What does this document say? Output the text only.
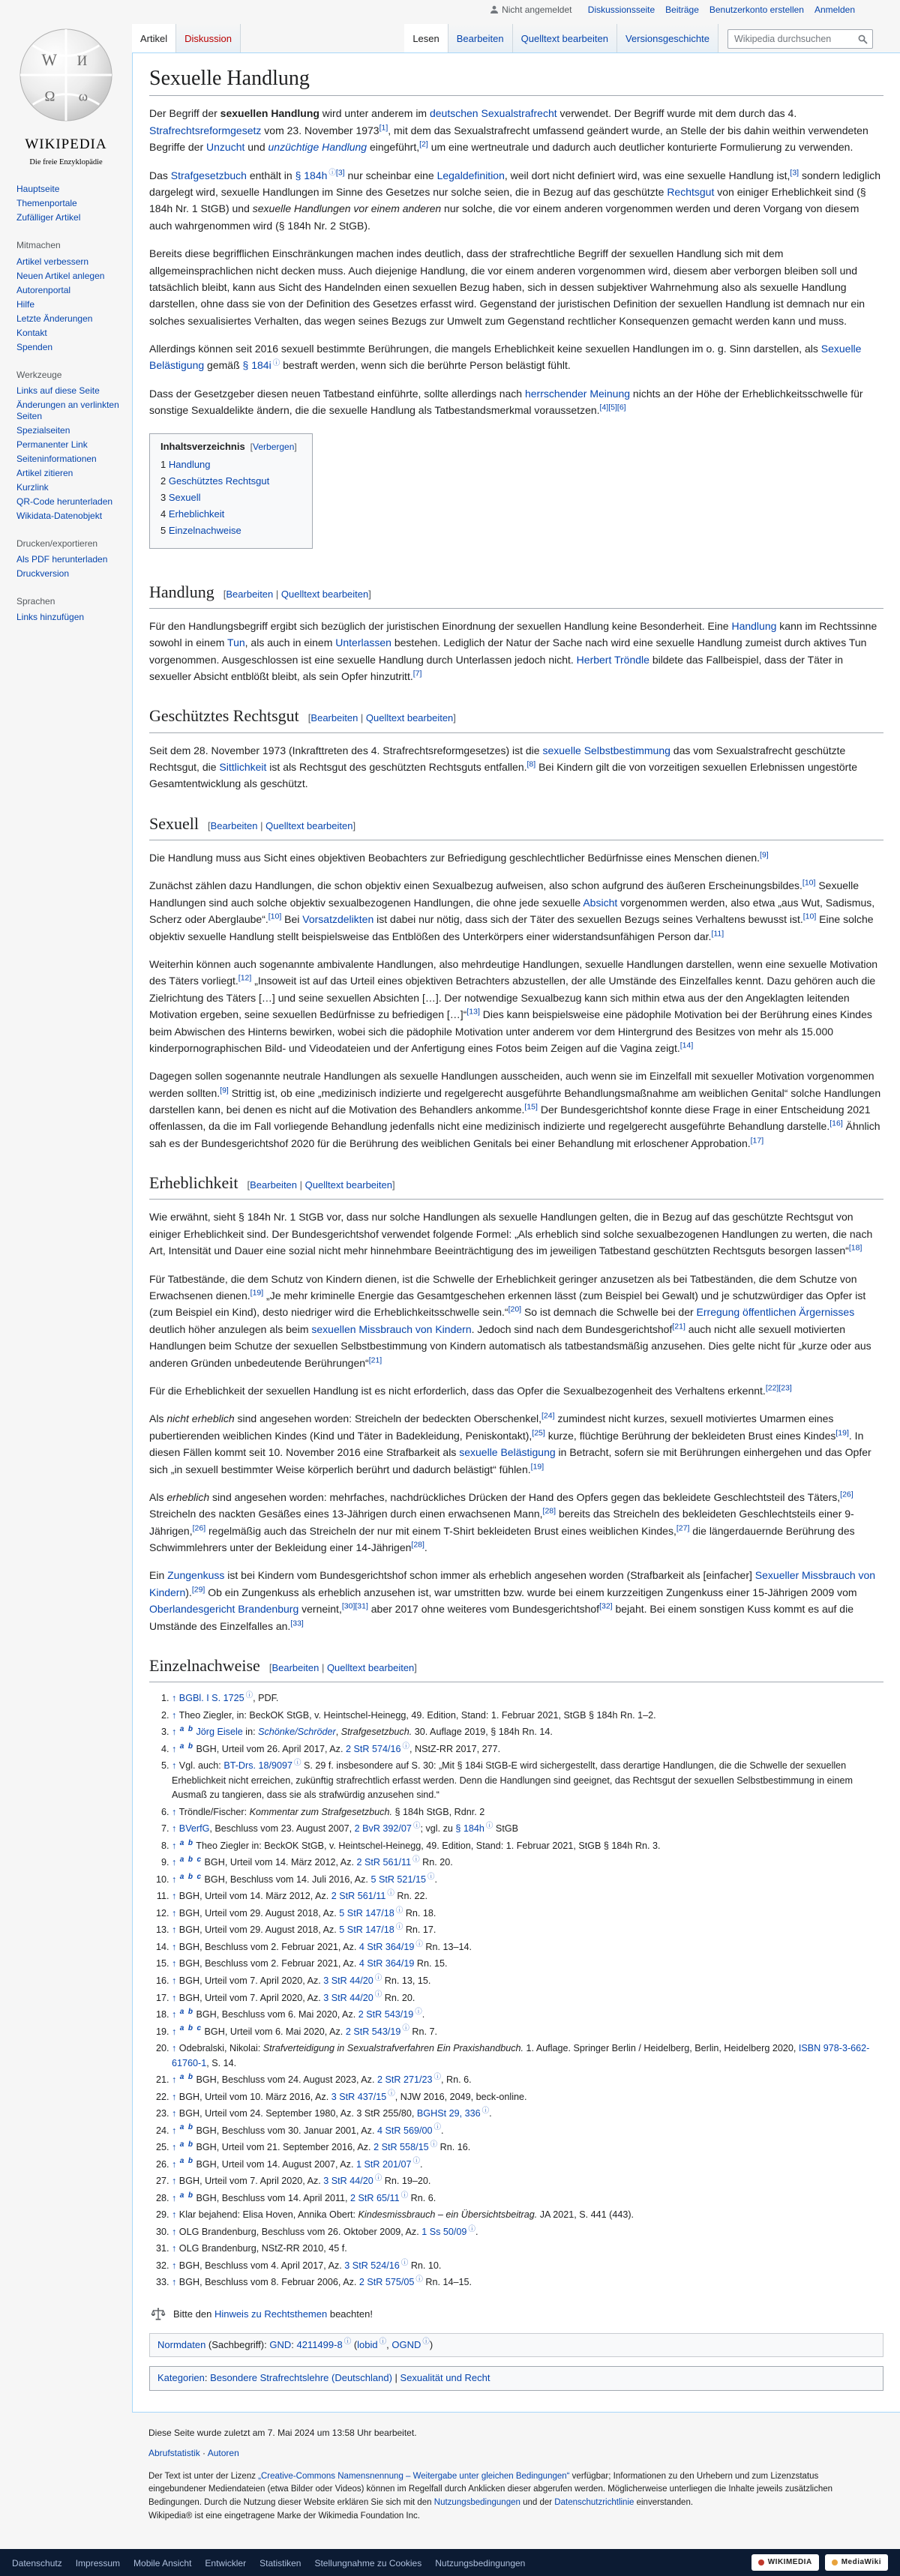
Nicht angemeldet Diskussionsseite Beiträge Benutzerkonto erstellen Anmelden
W И
Ω ω
WIKIPEDIA
Die freie Enzyklopädie
Hauptseite
Themenportale
Zufälliger Artikel
Mitmachen
Artikel verbessern
Neuen Artikel anlegen
Autorenportal
Hilfe
Letzte Änderungen
Kontakt
Spenden
Werkzeuge
Links auf diese Seite
Änderungen an verlinkten Seiten
Spezialseiten
Permanenter Link
Seiteninformationen
Artikel zitieren
Kurzlink
QR-Code herunterladen
Wikidata-Datenobjekt
Drucken/exportieren
Als PDF herunterladen
Druckversion
Sprachen
Links hinzufügen
Artikel	Diskussion	Lesen	Bearbeiten	Quelltext bearbeiten	Versionsgeschichte
Wikipedia durchsuchen
Sexuelle Handlung

Der Begriff der sexuellen Handlung wird unter anderem im deutschen Sexualstrafrecht verwendet. Der Begriff wurde mit dem durch das 4. Strafrechtsreformgesetz vom 23. November 1973[1], mit dem das Sexualstrafrecht umfassend geändert wurde, an Stelle der bis dahin weithin verwendeten Begriffe der Unzucht und unzüchtige Handlung eingeführt,[2] um eine wertneutrale und dadurch auch deutlicher konturierte Formulierung zu verwenden.

Das Strafgesetzbuch enthält in § 184h $^{ⓘ[3]}$ nur scheinbar eine Legaldefinition, weil dort nicht definiert wird, was eine sexuelle Handlung ist,[3] sondern lediglich dargelegt wird, sexuelle Handlungen im Sinne des Gesetzes nur solche seien, die in Bezug auf das geschützte Rechtsgut von einiger Erheblichkeit sind (§ 184h Nr. 1 StGB) und sexuelle Handlungen vor einem anderen nur solche, die vor einem anderen vorgenommen werden und deren Vorgang von diesem auch wahrgenommen wird (§ 184h Nr. 2 StGB).

Bereits diese begrifflichen Einschränkungen machen indes deutlich, dass der strafrechtliche Begriff der sexuellen Handlung sich mit dem allgemeinsprachlichen nicht decken muss. Auch diejenige Handlung, die vor einem anderen vorgenommen wird, diesem aber verborgen bleiben soll und tatsächlich bleibt, kann aus Sicht des Handelnden einen sexuellen Bezug haben, sich in dessen subjektiver Wahrnehmung also als sexuelle Handlung darstellen, ohne dass sie von der Definition des Gesetzes erfasst wird. Gegenstand der juristischen Definition der sexuellen Handlung ist demnach nur ein solches sexualisiertes Verhalten, das wegen seines Bezugs zur Umwelt zum Gegenstand rechtlicher Konsequenzen gemacht werden kann und muss.

Allerdings können seit 2016 sexuell bestimmte Berührungen, die mangels Erheblichkeit keine sexuellen Handlungen im o. g. Sinn darstellen, als Sexuelle Belästigung gemäß § 184i ⓘ bestraft werden, wenn sich die berührte Person belästigt fühlt.

Dass der Gesetzgeber diesen neuen Tatbestand einführte, sollte allerdings nach herrschender Meinung nichts an der Höhe der Erheblichkeitsschwelle für sonstige Sexualdelikte ändern, die die sexuelle Handlung als Tatbestandsmerkmal voraussetzen.[4][5][6]

Inhaltsverzeichnis  [Verbergen]
1 Handlung
2 Geschütztes Rechtsgut
3 Sexuell
4 Erheblichkeit
5 Einzelnachweise
Handlung [Bearbeiten | Quelltext bearbeiten]

Für den Handlungsbegriff ergibt sich bezüglich der juristischen Einordnung der sexuellen Handlung keine Besonderheit. Eine Handlung kann im Rechtssinne sowohl in einem Tun, als auch in einem Unterlassen bestehen. Lediglich der Natur der Sache nach wird eine sexuelle Handlung zumeist durch aktives Tun vorgenommen. Ausgeschlossen ist eine sexuelle Handlung durch Unterlassen jedoch nicht. Herbert Tröndle bildete das Fallbeispiel, dass der Täter in sexueller Absicht entblößt bleibt, als sein Opfer hinzutritt.[7]

Geschütztes Rechtsgut [Bearbeiten | Quelltext bearbeiten]

Seit dem 28. November 1973 (Inkrafttreten des 4. Strafrechtsreformgesetzes) ist die sexuelle Selbstbestimmung das vom Sexualstrafrecht geschützte Rechtsgut, die Sittlichkeit ist als Rechtsgut des geschützten Rechtsguts entfallen.[8] Bei Kindern gilt die von vorzeitigen sexuellen Erlebnissen ungestörte Gesamtentwicklung als geschützt.

Sexuell [Bearbeiten | Quelltext bearbeiten]

Die Handlung muss aus Sicht eines objektiven Beobachters zur Befriedigung geschlechtlicher Bedürfnisse eines Menschen dienen.[9]

Zunächst zählen dazu Handlungen, die schon objektiv einen Sexualbezug aufweisen, also schon aufgrund des äußeren Erscheinungsbildes.[10] Sexuelle Handlungen sind auch solche objektiv sexualbezogenen Handlungen, die ohne jede sexuelle Absicht vorgenommen werden, also etwa „aus Wut, Sadismus, Scherz oder Aberglaube“.[10] Bei Vorsatzdelikten ist dabei nur nötig, dass sich der Täter des sexuellen Bezugs seines Verhaltens bewusst ist.[10] Eine solche objektiv sexuelle Handlung stellt beispielsweise das Entblößen des Unterkörpers einer widerstandsunfähigen Person dar.[11]

Weiterhin können auch sogenannte ambivalente Handlungen, also mehrdeutige Handlungen, sexuelle Handlungen darstellen, wenn eine sexuelle Motivation des Täters vorliegt.[12] „Insoweit ist auf das Urteil eines objektiven Betrachters abzustellen, der alle Umstände des Einzelfalles kennt. Dazu gehören auch die Zielrichtung des Täters […] und seine sexuellen Absichten […]. Der notwendige Sexualbezug kann sich mithin etwa aus der den Angeklagten leitenden Motivation ergeben, seine sexuellen Bedürfnisse zu befriedigen […]“[13] Dies kann beispielsweise eine pädophile Motivation bei der Berührung eines Kindes beim Abwischen des Hinterns bewirken, wobei sich die pädophile Motivation unter anderem vor dem Hintergrund des Besitzes von mehr als 15.000 kinderpornographischen Bild- und Videodateien und der Anfertigung eines Fotos beim Zeigen auf die Vagina zeigt.[14]

Dagegen sollen sogenannte neutrale Handlungen als sexuelle Handlungen ausscheiden, auch wenn sie im Einzelfall mit sexueller Motivation vorgenommen werden sollten.[9] Strittig ist, ob eine „medizinisch indizierte und regelgerecht ausgeführte Behandlungsmaßnahme am weiblichen Genital“ solche Handlungen darstellen kann, bei denen es nicht auf die Motivation des Behandlers ankomme.[15] Der Bundesgerichtshof konnte diese Frage in einer Entscheidung 2021 offenlassen, da die im Fall vorliegende Behandlung jedenfalls nicht eine medizinisch indizierte und regelgerecht ausgeführte Behandlung darstelle.[16] Ähnlich sah es der Bundesgerichtshof 2020 für die Berührung des weiblichen Genitals bei einer Behandlung mit erloschener Approbation.[17]

Erheblichkeit [Bearbeiten | Quelltext bearbeiten]

Wie erwähnt, sieht § 184h Nr. 1 StGB vor, dass nur solche Handlungen als sexuelle Handlungen gelten, die in Bezug auf das geschützte Rechtsgut von einiger Erheblichkeit sind. Der Bundesgerichtshof verwendet folgende Formel: „Als erheblich sind solche sexualbezogenen Handlungen zu werten, die nach Art, Intensität und Dauer eine sozial nicht mehr hinnehmbare Beeinträchtigung des im jeweiligen Tatbestand geschützten Rechtsguts besorgen lassen“[18]

Für Tatbestände, die dem Schutz von Kindern dienen, ist die Schwelle der Erheblichkeit geringer anzusetzen als bei Tatbeständen, die dem Schutze von Erwachsenen dienen.[19] „Je mehr kriminelle Energie das Gesamtgeschehen erkennen lässt (zum Beispiel bei Gewalt) und je schutzwürdiger das Opfer ist (zum Beispiel ein Kind), desto niedriger wird die Erheblichkeitsschwelle sein.“[20] So ist demnach die Schwelle bei der Erregung öffentlichen Ärgernisses deutlich höher anzulegen als beim sexuellen Missbrauch von Kindern. Jedoch sind nach dem Bundesgerichtshof[21] auch nicht alle sexuell motivierten Handlungen beim Schutze der sexuellen Selbstbestimmung von Kindern automatisch als tatbestandsmäßig anzusehen. Dies gelte nicht für „kurze oder aus anderen Gründen unbedeutende Berührungen“[21]

Für die Erheblichkeit der sexuellen Handlung ist es nicht erforderlich, dass das Opfer die Sexualbezogenheit des Verhaltens erkennt.[22][23]

Als nicht erheblich sind angesehen worden: Streicheln der bedeckten Oberschenkel,[24] zumindest nicht kurzes, sexuell motiviertes Umarmen eines pubertierenden weiblichen Kindes (Kind und Täter in Badekleidung, Peniskontakt),[25] kurze, flüchtige Berührung der bekleideten Brust eines Kindes[19]. In diesen Fällen kommt seit 10. November 2016 eine Strafbarkeit als sexuelle Belästigung in Betracht, sofern sie mit Berührungen einhergehen und das Opfer sich „in sexuell bestimmter Weise körperlich berührt und dadurch belästigt“ fühlen.[19]

Als erheblich sind angesehen worden: mehrfaches, nachdrückliches Drücken der Hand des Opfers gegen das bekleidete Geschlechtsteil des Täters,[26] Streicheln des nackten Gesäßes eines 13-Jährigen durch einen erwachsenen Mann,[28] bereits das Streicheln des bekleideten Geschlechtsteils einer 9-Jährigen,[26] regelmäßig auch das Streicheln der nur mit einem T-Shirt bekleideten Brust eines weiblichen Kindes,[27] die längerdauernde Berührung des Schwimmlehrers unter der Bekleidung einer 14-Jährigen[28].

Ein Zungenkuss ist bei Kindern vom Bundesgerichtshof schon immer als erheblich angesehen worden (Strafbarkeit als [einfacher] Sexueller Missbrauch von Kindern).[29] Ob ein Zungenkuss als erheblich anzusehen ist, war umstritten bzw. wurde bei einem kurzzeitigen Zungenkuss einer 15-Jährigen 2009 vom Oberlandesgericht Brandenburg verneint,[30][31] aber 2017 ohne weiteres vom Bundesgerichtshof[32] bejaht. Bei einem sonstigen Kuss kommt es auf die Umstände des Einzelfalles an.[33]

Einzelnachweise [Bearbeiten | Quelltext bearbeiten]
1. ↑ BGBl. I S. 1725 ⓘ, PDF.
2. ↑ Theo Ziegler, in: BeckOK StGB, v. Heintschel-Heinegg, 49. Edition, Stand: 1. Februar 2021, StGB § 184h Rn. 1–2.
3. ↑ $^a$ $^b$ Jörg Eisele in: Schönke/Schröder, Strafgesetzbuch. 30. Auflage 2019, § 184h Rn. 14.
4. ↑ $^a$ $^b$ BGH, Urteil vom 26. April 2017, Az. 2 StR 574/16 ⓘ, NStZ-RR 2017, 277.
5. ↑ Vgl. auch: BT-Drs. 18/9097 ⓘ S. 29 f. insbesondere auf S. 30: „Mit § 184i StGB-E wird sichergestellt, dass derartige Handlungen, die die Schwelle der sexuellen Erheblichkeit nicht erreichen, zukünftig strafrechtlich erfasst werden. Denn die Handlungen sind geeignet, das Rechtsgut der sexuellen Selbstbestimmung in einem Ausmaß zu tangieren, dass sie als strafwürdig anzusehen sind.“
6. ↑ Tröndle/Fischer: Kommentar zum Strafgesetzbuch. § 184h StGB, Rdnr. 2
7. ↑ BVerfG, Beschluss vom 23. August 2007, 2 BvR 392/07 ⓘ; vgl. zu § 184h ⓘ StGB
8. ↑ $^a$ $^b$ Theo Ziegler in: BeckOK StGB, v. Heintschel-Heinegg, 49. Edition, Stand: 1. Februar 2021, StGB § 184h Rn. 3.
9. ↑ $^a$ $^b$ $^c$ BGH, Urteil vom 14. März 2012, Az. 2 StR 561/11 ⓘ Rn. 20.
10. ↑ $^a$ $^b$ $^c$ BGH, Beschluss vom 14. Juli 2016, Az. 5 StR 521/15 ⓘ.
11. ↑ BGH, Urteil vom 14. März 2012, Az. 2 StR 561/11 ⓘ Rn. 22.
12. ↑ BGH, Urteil vom 29. August 2018, Az. 5 StR 147/18 ⓘ Rn. 18.
13. ↑ BGH, Urteil vom 29. August 2018, Az. 5 StR 147/18 ⓘ Rn. 17.
14. ↑ BGH, Beschluss vom 2. Februar 2021, Az. 4 StR 364/19 ⓘ Rn. 13–14.
15. ↑ BGH, Beschluss vom 2. Februar 2021, Az. 4 StR 364/19 Rn. 15.
16. ↑ BGH, Urteil vom 7. April 2020, Az. 3 StR 44/20 ⓘ Rn. 13, 15.
17. ↑ BGH, Urteil vom 7. April 2020, Az. 3 StR 44/20 ⓘ Rn. 20.
18. ↑ $^a$ $^b$ BGH, Beschluss vom 6. Mai 2020, Az. 2 StR 543/19 ⓘ.
19. ↑ $^a$ $^b$ $^c$ BGH, Urteil vom 6. Mai 2020, Az. 2 StR 543/19 ⓘ Rn. 7.
20. ↑ Odebralski, Nikolai: Strafverteidigung in Sexualstrafverfahren Ein Praxishandbuch. 1. Auflage. Springer Berlin / Heidelberg, Berlin, Heidelberg 2020, ISBN 978-3-662-61760-1, S. 14.
21. ↑ $^a$ $^b$ BGH, Beschluss vom 24. August 2023, Az. 2 StR 271/23 ⓘ, Rn. 6.
22. ↑ BGH, Urteil vom 10. März 2016, Az. 3 StR 437/15 ⓘ, NJW 2016, 2049, beck-online.
23. ↑ BGH, Urteil vom 24. September 1980, Az. 3 StR 255/80, BGHSt 29, 336 ⓘ.
24. ↑ $^a$ $^b$ BGH, Beschluss vom 30. Januar 2001, Az. 4 StR 569/00 ⓘ.
25. ↑ $^a$ $^b$ BGH, Urteil vom 21. September 2016, Az. 2 StR 558/15 ⓘ Rn. 16.
26. ↑ $^a$ $^b$ BGH, Urteil vom 14. August 2007, Az. 1 StR 201/07 ⓘ.
27. ↑ BGH, Urteil vom 7. April 2020, Az. 3 StR 44/20 ⓘ Rn. 19–20.
28. ↑ $^a$ $^b$ BGH, Beschluss vom 14. April 2011, 2 StR 65/11 ⓘ Rn. 6.
29. ↑ Klar bejahend: Elisa Hoven, Annika Obert: Kindesmissbrauch – ein Übersichtsbeitrag. JA 2021, S. 441 (443).
30. ↑ OLG Brandenburg, Beschluss vom 26. Oktober 2009, Az. 1 Ss 50/09 ⓘ.
31. ↑ OLG Brandenburg, NStZ-RR 2010, 45 f.
32. ↑ BGH, Beschluss vom 4. April 2017, Az. 3 StR 524/16 ⓘ Rn. 10.
33. ↑ BGH, Beschluss vom 8. Februar 2006, Az. 2 StR 575/05 ⓘ Rn. 14–15.
Bitte den Hinweis zu Rechtsthemen beachten!
Normdaten (Sachbegriff): GND: 4211499-8 ⓘ (lobid ⓘ, OGND ⓘ)
Kategorien: Besondere Strafrechtslehre (Deutschland) | Sexualität und Recht
Diese Seite wurde zuletzt am 7. Mai 2024 um 13:58 Uhr bearbeitet.
Abrufstatistik · Autoren
Der Text ist unter der Lizenz „Creative-Commons Namensnennung – Weitergabe unter gleichen Bedingungen“ verfügbar; Informationen zu den Urhebern und zum Lizenzstatus eingebundener Mediendateien (etwa Bilder oder Videos) können im Regelfall durch Anklicken dieser abgerufen werden. Möglicherweise unterliegen die Inhalte jeweils zusätzlichen Bedingungen. Durch die Nutzung dieser Website erklären Sie sich mit den Nutzungsbedingungen und der Datenschutzrichtlinie einverstanden.
Wikipedia® ist eine eingetragene Marke der Wikimedia Foundation Inc.
Datenschutz Impressum Mobile Ansicht Entwickler Statistiken Stellungnahme zu Cookies Nutzungsbedingungen	WIKIMEDIA	MediaWiki
